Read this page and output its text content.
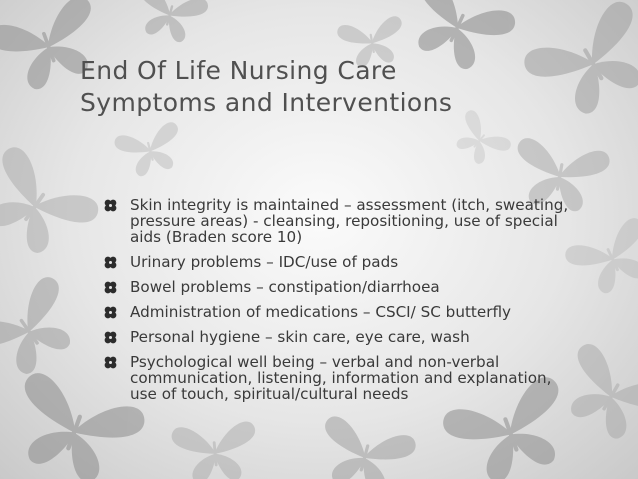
End Of Life Nursing Care
Symptoms and Interventions
Skin integrity is maintained – assessment (itch, sweating, pressure areas) - cleansing, repositioning, use of special aids (Braden score 10)
Urinary problems – IDC/use of pads
Bowel problems – constipation/diarrhoea
Administration of medications – CSCI/ SC butterfly
Personal hygiene – skin care, eye care, wash
Psychological well being – verbal and non-verbal communication, listening, information and explanation, use of touch, spiritual/cultural needs
